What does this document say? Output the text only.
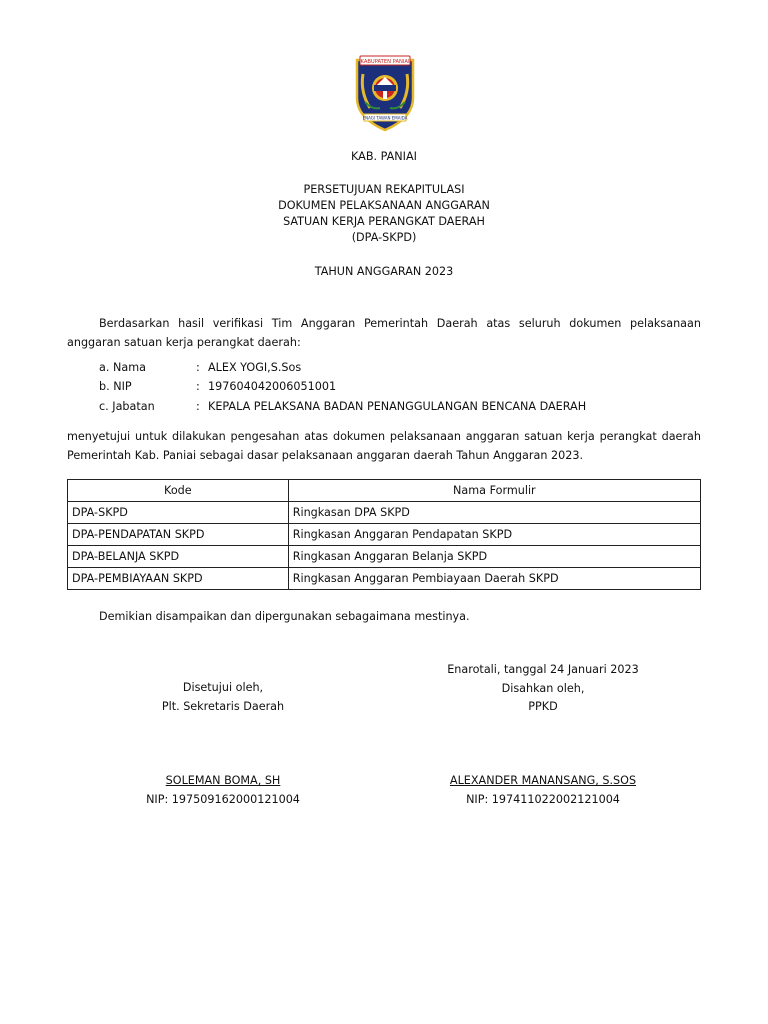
KABUPATEN PANIAI
ENAGI TAWAN EMAIDA
KAB. PANIAI
PERSETUJUAN REKAPITULASI
DOKUMEN PELAKSANAAN ANGGARAN
SATUAN KERJA PERANGKAT DAERAH
(DPA-SKPD)
TAHUN ANGGARAN 2023
Berdasarkan hasil verifikasi Tim Anggaran Pemerintah Daerah atas seluruh dokumen pelaksanaan anggaran satuan kerja perangkat daerah:
a. Nama	: ALEX YOGI,S.Sos
b. NIP	: 197604042006051001
c. Jabatan	: KEPALA PELAKSANA BADAN PENANGGULANGAN BENCANA DAERAH
menyetujui untuk dilakukan pengesahan atas dokumen pelaksanaan anggaran satuan kerja perangkat daerah Pemerintah Kab. Paniai sebagai dasar pelaksanaan anggaran daerah Tahun Anggaran 2023.
Kode	Nama Formulir
DPA-SKPD	Ringkasan DPA SKPD
DPA-PENDAPATAN SKPD	Ringkasan Anggaran Pendapatan SKPD
DPA-BELANJA SKPD	Ringkasan Anggaran Belanja SKPD
DPA-PEMBIAYAAN SKPD	Ringkasan Anggaran Pembiayaan Daerah SKPD
Demikian disampaikan dan dipergunakan sebagaimana mestinya.
Enarotali, tanggal 24 Januari 2023
Disahkan oleh,
PPKD
ALEXANDER MANANSANG, S.SOS
NIP: 197411022002121004
Disetujui oleh,
Plt. Sekretaris Daerah
SOLEMAN BOMA, SH
NIP: 197509162000121004
